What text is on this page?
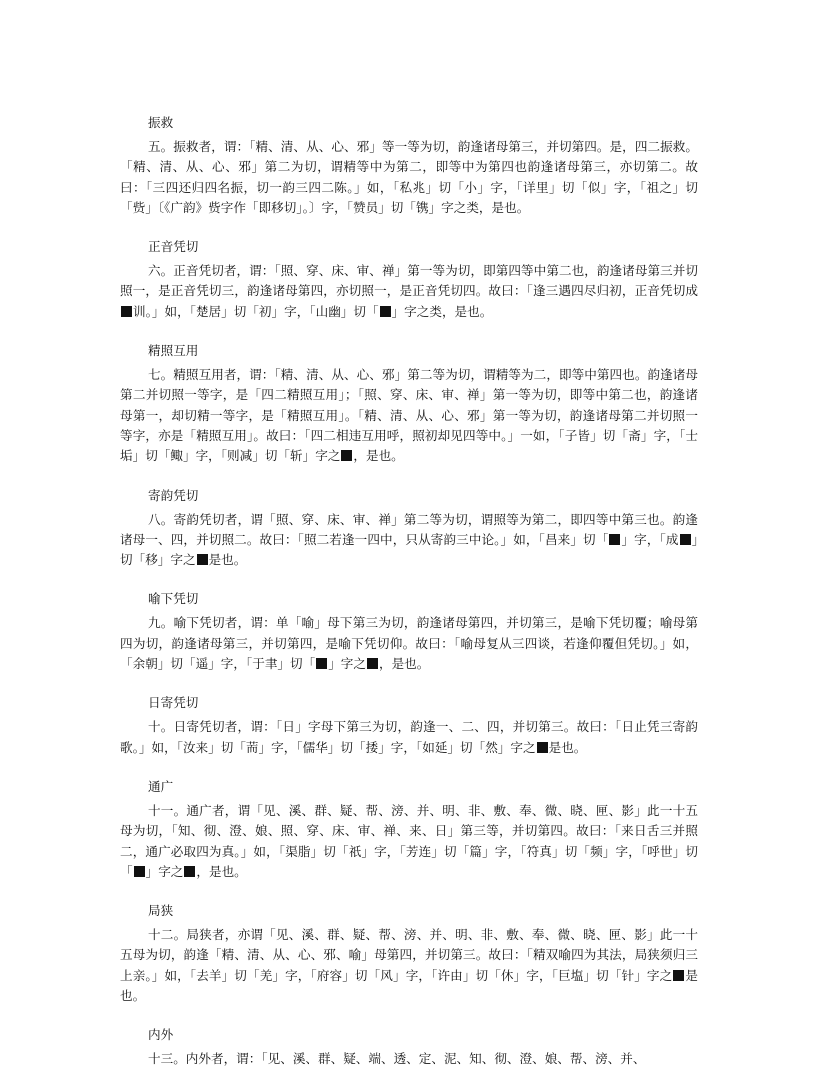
振救

五。振救者，谓：「精、清、从、心、邪」等一等为切，韵逢诸母第三，并切第四。是，四二振救。「精、清、从、心、邪」第二为切，谓精等中为第二，即等中为第四也韵逢诸母第三，亦切第二。故曰：「三四还归四名振，切一韵三四二陈。」如，「私兆」切「小」字，「详里」切「似」字，「祖之」切「赀」〔《广韵》赀字作「即移切」。〕字，「赞员」切「镌」字之类，是也。

正音凭切

六。正音凭切者，谓：「照、穿、床、审、禅」第一等为切，即第四等中第二也，韵逢诸母第三并切照一，是正音凭切三，韵逢诸母第四，亦切照一，是正音凭切四。故曰：「逢三遇四尽归初，正音凭切成训。」如，「楚居」切「初」字，「山幽」切「 」字之类，是也。

精照互用

七。精照互用者，谓：「精、清、从、心、邪」第二等为切，谓精等为二，即等中第四也。韵逢诸母第二并切照一等字，是「四二精照互用」；「照、穿、床、审、禅」第一等为切，即等中第二也，韵逢诸母第一，却切精一等字，是「精照互用」。「精、清、从、心、邪」第一等为切，韵逢诸母第二并切照一等字，亦是「精照互用」。故曰：「四二相违互用呼，照初却见四等中。」一如，「子皆」切「斋」字，「士垢」切「鲰」字，「则减」切「斩」字之 ，是也。

寄韵凭切

八。寄韵凭切者，谓「照、穿、床、审、禅」第二等为切，谓照等为第二，即四等中第三也。韵逢诸母一、四，并切照二。故曰：「照二若逢一四中，只从寄韵三中论。」如，「昌来」切「 」字，「成 」切「移」字之 是也。

喻下凭切

九。喻下凭切者，谓：单「喻」母下第三为切，韵逢诸母第四，并切第三，是喻下凭切覆；喻母第四为切，韵逢诸母第三，并切第四，是喻下凭切仰。故曰：「喻母复从三四谈，若逢仰覆但凭切。」如，「余朝」切「遥」字，「于聿」切「 」字之 ，是也。

日寄凭切

十。日寄凭切者，谓：「日」字母下第三为切，韵逢一、二、四，并切第三。故曰：「日止凭三寄韵歌。」如，「汝来」切「荋」字，「儒华」切「捼」字，「如延」切「然」字之 是也。

通广

十一。通广者，谓「见、溪、群、疑、帮、滂、并、明、非、敷、奉、微、晓、匣、影」此一十五母为切，「知、彻、澄、娘、照、穿、床、审、禅、来、日」第三等，并切第四。故曰：「来日舌三并照二，通广必取四为真。」如，「渠脂」切「祇」字，「芳连」切「篇」字，「符真」切「频」字，「呼世」切「 」字之 ，是也。

局狭

十二。局狭者，亦谓「见、溪、群、疑、帮、滂、并、明、非、敷、奉、微、晓、匣、影」此一十五母为切，韵逢「精、清、从、心、邪、喻」母第四，并切第三。故曰：「精双喻四为其法，局狭须归三上亲。」如，「去羊」切「羌」字，「府容」切「风」字，「许由」切「休」字，「巨塩」切「针」字之 是也。

内外

十三。内外者，谓：「见、溪、群、疑、端、透、定、泥、知、彻、澄、娘、帮、滂、并、
